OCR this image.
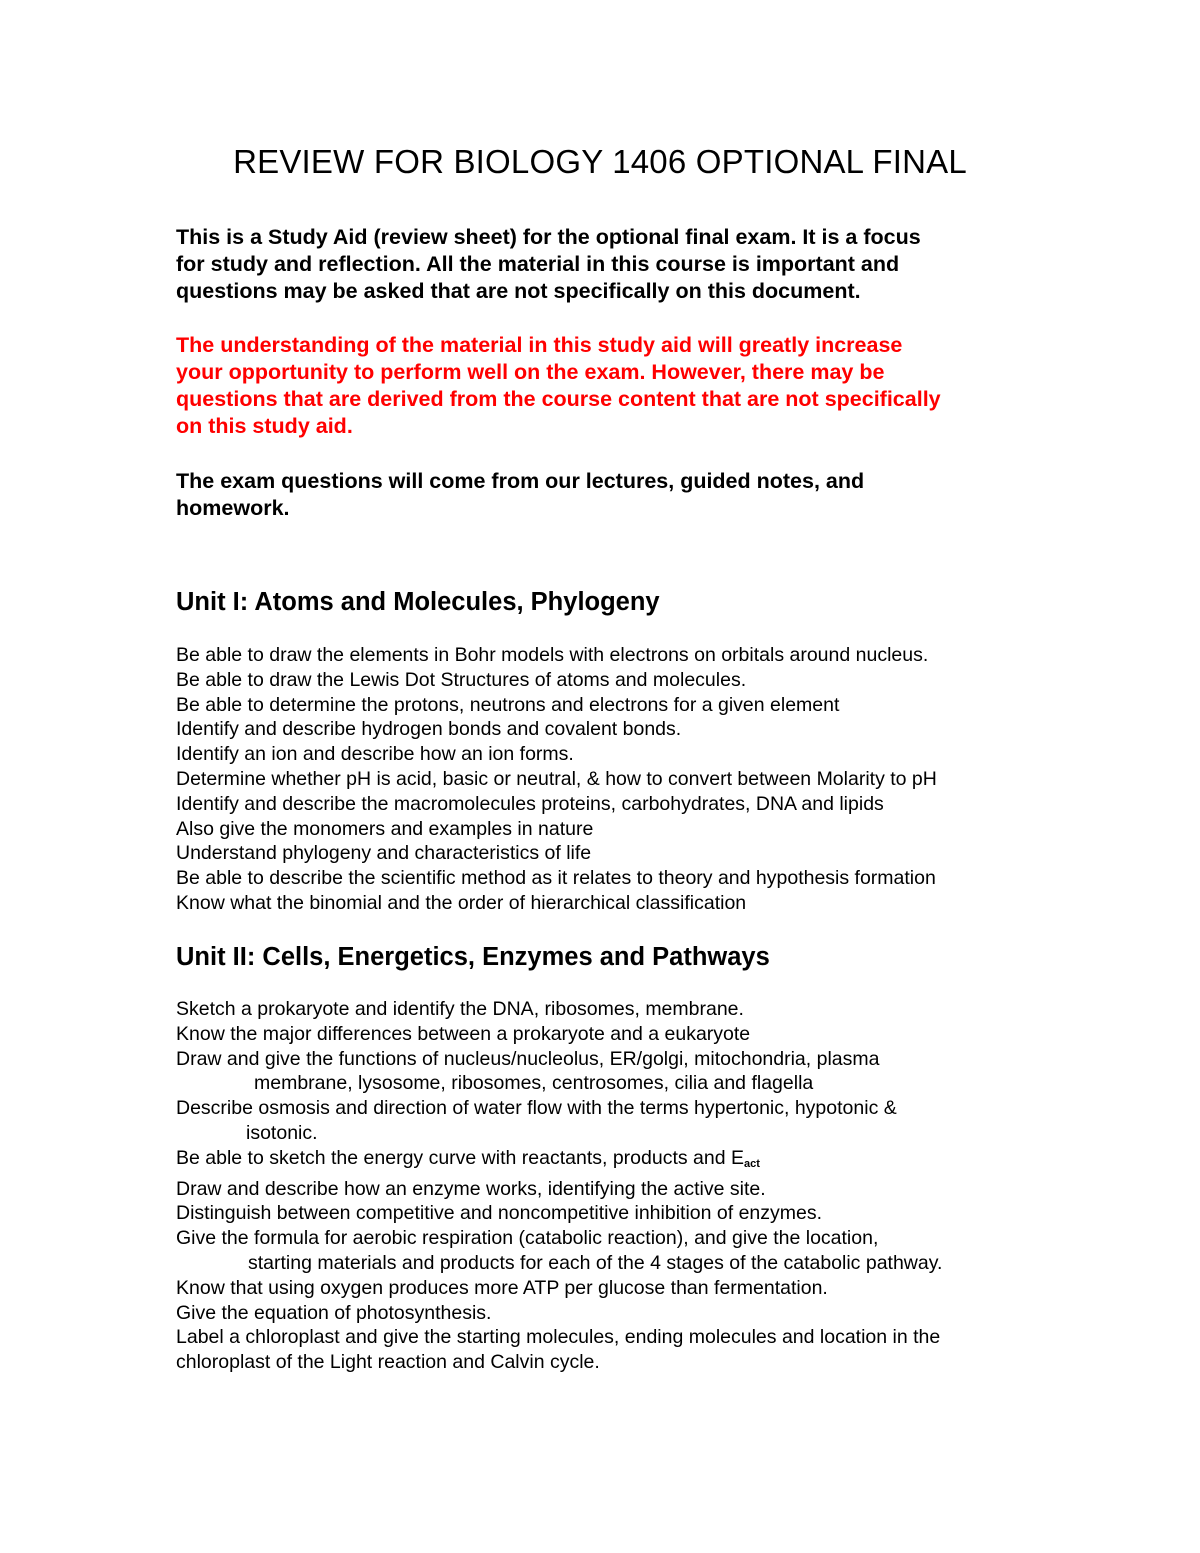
REVIEW FOR BIOLOGY 1406 OPTIONAL FINAL

This is a Study Aid (review sheet) for the optional final exam. It is a focus
for study and reflection. All the material in this course is important and
questions may be asked that are not specifically on this document.

The understanding of the material in this study aid will greatly increase
your opportunity to perform well on the exam. However, there may be
questions that are derived from the course content that are not specifically
on this study aid.

The exam questions will come from our lectures, guided notes, and
homework.

Unit I: Atoms and Molecules, Phylogeny
Be able to draw the elements in Bohr models with electrons on orbitals around nucleus.
Be able to draw the Lewis Dot Structures of atoms and molecules.
Be able to determine the protons, neutrons and electrons for a given element
Identify and describe hydrogen bonds and covalent bonds.
Identify an ion and describe how an ion forms.
Determine whether pH is acid, basic or neutral, & how to convert between Molarity to pH
Identify and describe the macromolecules proteins, carbohydrates, DNA and lipids
Also give the monomers and examples in nature
Understand phylogeny and characteristics of life
Be able to describe the scientific method as it relates to theory and hypothesis formation
Know what the binomial and the order of hierarchical classification
Unit II: Cells, Energetics, Enzymes and Pathways
Sketch a prokaryote and identify the DNA, ribosomes, membrane.
Know the major differences between a prokaryote and a eukaryote
Draw and give the functions of nucleus/nucleolus, ER/golgi, mitochondria, plasma
membrane, lysosome, ribosomes, centrosomes, cilia and flagella
Describe osmosis and direction of water flow with the terms hypertonic, hypotonic &
isotonic.
Be able to sketch the energy curve with reactants, products and $E_{act}$
Draw and describe how an enzyme works, identifying the active site.
Distinguish between competitive and noncompetitive inhibition of enzymes.
Give the formula for aerobic respiration (catabolic reaction), and give the location,
starting materials and products for each of the 4 stages of the catabolic pathway.
Know that using oxygen produces more ATP per glucose than fermentation.
Give the equation of photosynthesis.
Label a chloroplast and give the starting molecules, ending molecules and location in the
chloroplast of the Light reaction and Calvin cycle.
